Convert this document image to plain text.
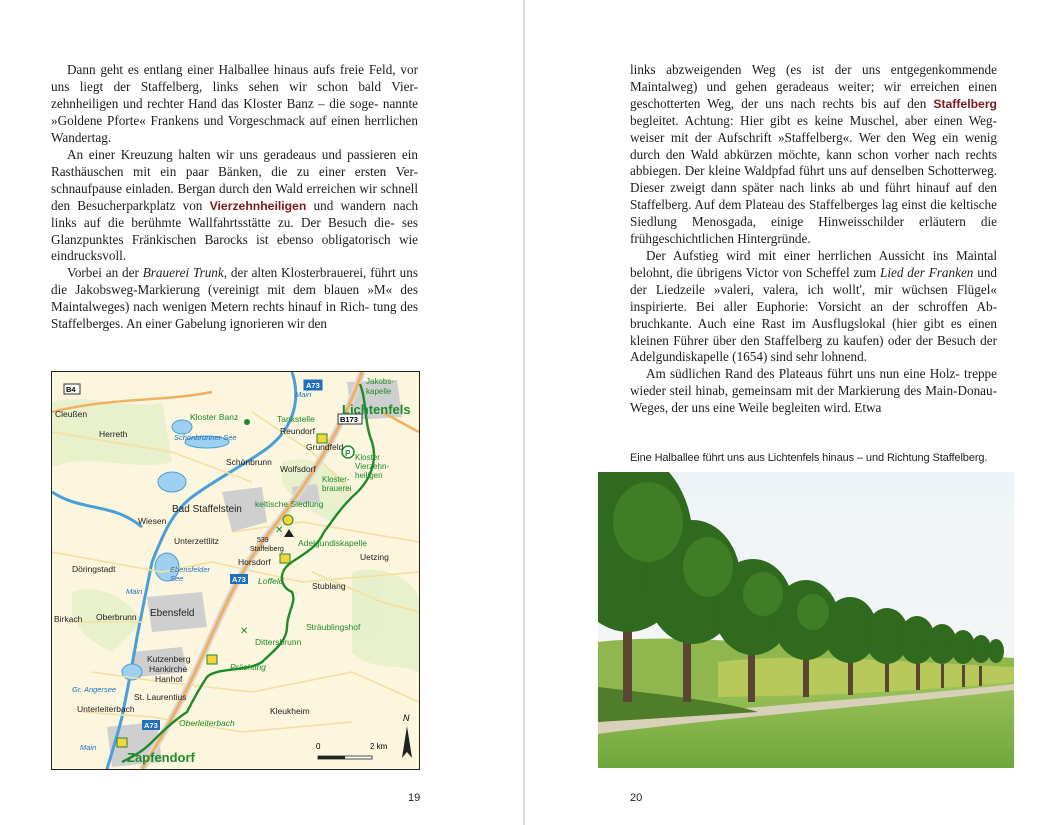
Dann geht es entlang einer Halballee hinaus aufs freie Feld, vor uns liegt der Staffelberg, links sehen wir schon bald Vier- zehnheiligen und rechter Hand das Kloster Banz – die soge- nannte »Goldene Pforte« Frankens und Vorgeschmack auf einen herrlichen Wandertag.
An einer Kreuzung halten wir uns geradeaus und passieren ein Rasthäuschen mit ein paar Bänken, die zu einer ersten Ver- schnaufpause einladen. Bergan durch den Wald erreichen wir schnell den Besucherparkplatz von Vierzehnheiligen und wandern nach links auf die berühmte Wallfahrtsstätte zu. Der Besuch die- ses Glanzpunktes Fränkischen Barocks ist ebenso obligatorisch wie eindrucksvoll.
Vorbei an der Brauerei Trunk, der alten Klosterbrauerei, führt uns die Jakobsweg-Markierung (vereinigt mit dem blauen »M« des Maintalweges) nach wenigen Metern rechts hinauf in Rich- tung des Staffelberges. An einer Gabelung ignorieren wir den
P
✕
✕
B4	A73
B173
A73
A73
Lichtenfels
Jakobs-
kapelle
Kloster Banz
Cleußen
Herreth	Schönbrunner See
Tankstelle
Reundorf
Grundfeld
Kloster
Vierzehn-
heiligen
Schönbrunn
Wolfsdorf
Kloster-
brauerei
Bad Staffelstein keltische Siedlung
Wiesen
Unterzettlitz	539
Staffelberg
Adelgundiskapelle
Uetzing
Döringstadt	Ebensfelder
See
Horsdorf
Loffeld	Stublang
Birkach Oberbrunn Ebensfeld
Sträublingshof
Dittersbrunn
Kutzenberg
Hankirche
Hanhof
Prächting
Gr. Angersee
St. Laurentius
Unterleiterbach
Oberleiterbach
Kleukheim
Main
Main
Main
Zapfendorf
0	2 km
N
19
links abzweigenden Weg (es ist der uns entgegenkommende Maintalweg) und gehen geradeaus weiter; wir erreichen einen geschotterten Weg, der uns nach rechts bis auf den Staffelberg begleitet. Achtung: Hier gibt es keine Muschel, aber einen Weg- weiser mit der Aufschrift »Staffelberg«. Wer den Weg ein wenig durch den Wald abkürzen möchte, kann schon vorher nach rechts abbiegen. Der kleine Waldpfad führt uns auf denselben Schotterweg. Dieser zweigt dann später nach links ab und führt hinauf auf den Staffelberg. Auf dem Plateau des Staffelberges lag einst die keltische Siedlung Menosgada, einige Hinweisschilder erläutern die frühgeschichtlichen Hintergründe.
Der Aufstieg wird mit einer herrlichen Aussicht ins Maintal belohnt, die übrigens Victor von Scheffel zum Lied der Franken und der Liedzeile »valeri, valera, ich wollt', mir wüchsen Flügel« inspirierte. Bei aller Euphorie: Vorsicht an der schroffen Ab- bruchkante. Auch eine Rast im Ausflugslokal (hier gibt es einen kleinen Führer über den Staffelberg zu kaufen) oder der Besuch der Adelgundiskapelle (1654) sind sehr lohnend.
Am südlichen Rand des Plateaus führt uns nun eine Holz- treppe wieder steil hinab, gemeinsam mit der Markierung des Main-Donau-Weges, der uns eine Weile begleiten wird. Etwa
Eine Halballee führt uns aus Lichtenfels hinaus – und Richtung Staffelberg.
20
